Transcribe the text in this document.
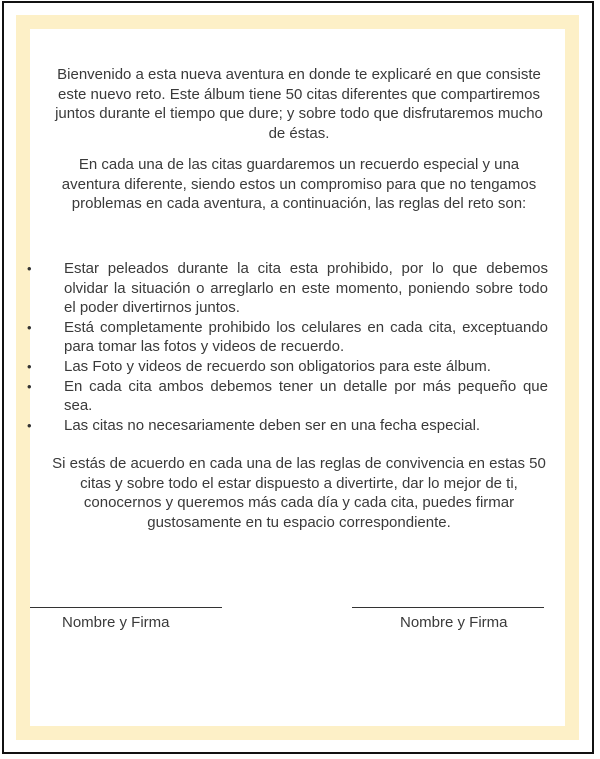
Bienvenido a esta nueva aventura en donde te explicaré en que consiste este nuevo reto. Este álbum tiene 50 citas diferentes que compartiremos juntos durante el tiempo que dure; y sobre todo que disfrutaremos mucho de éstas.
En cada una de las citas guardaremos un recuerdo especial y una aventura diferente, siendo estos un compromiso para que no tengamos problemas en cada aventura, a continuación, las reglas del reto son:
• Estar peleados durante la cita esta prohibido, por lo que debemos olvidar la situación o arreglarlo en este momento, poniendo sobre todo el poder divertirnos juntos.
• Está completamente prohibido los celulares en cada cita, exceptuando para tomar las fotos y videos de recuerdo.
• Las Foto y videos de recuerdo son obligatorios para este álbum.
• En cada cita ambos debemos tener un detalle por más pequeño que sea.
• Las citas no necesariamente deben ser en una fecha especial.
Si estás de acuerdo en cada una de las reglas de convivencia en estas 50 citas y sobre todo el estar dispuesto a divertirte, dar lo mejor de ti, conocernos y queremos más cada día y cada cita, puedes firmar gustosamente en tu espacio correspondiente.
Nombre y Firma	Nombre y Firma
